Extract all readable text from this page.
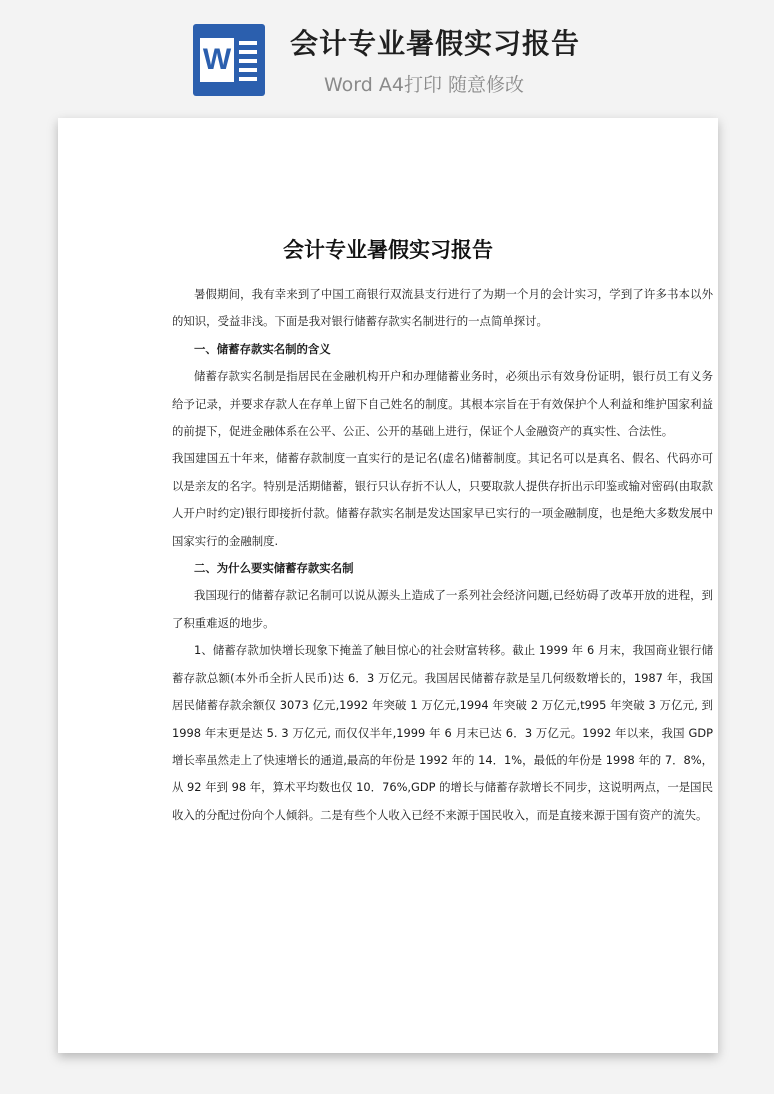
W 会计专业暑假实习报告
Word A4打印 随意修改
会计专业暑假实习报告

暑假期间，我有幸来到了中国工商银行双流县支行进行了为期一个月的会计实习，学到了许多书本以外的知识，受益非浅。下面是我对银行储蓄存款实名制进行的一点简单探讨。

一、储蓄存款实名制的含义

储蓄存款实名制是指居民在金融机构开户和办理储蓄业务时，必须出示有效身份证明，银行员工有义务给予记录，并要求存款人在存单上留下自己姓名的制度。其根本宗旨在于有效保护个人利益和维护国家利益的前提下，促进金融体系在公平、公正、公开的基础上进行，保证个人金融资产的真实性、合法性。

我国建国五十年来，储蓄存款制度一直实行的是记名(虚名)储蓄制度。其记名可以是真名、假名、代码亦可以是亲友的名字。特别是活期储蓄，银行只认存折不认人，只要取款人提供存折出示印鉴或输对密码(由取款人开户时约定)银行即接折付款。储蓄存款实名制是发达国家早已实行的一项金融制度，也是绝大多数发展中国家实行的金融制度.

二、为什么要实储蓄存款实名制

我国现行的储蓄存款记名制可以说从源头上造成了一系列社会经济问题,已经妨碍了改革开放的进程，到了积重难返的地步。

1、储蓄存款加快增长现象下掩盖了触目惊心的社会财富转移。截止 1999 年 6 月末，我国商业银行储蓄存款总额(本外币全折人民币)达 6．3 万亿元。我国居民储蓄存款是呈几何级数增长的，1987 年，我国居民储蓄存款余额仅 3073 亿元,1992 年突破 1 万亿元,1994 年突破 2 万亿元,t995 年突破 3 万亿元, 到 1998 年末更是达 5. 3 万亿元, 而仅仅半年,1999 年 6 月末已达 6．3 万亿元。1992 年以来，我国 GDP 增长率虽然走上了快速增长的通道,最高的年份是 1992 年的 14．1%，最低的年份是 1998 年的 7．8%，从 92 年到 98 年，算术平均数也仅 10．76%,GDP 的增长与储蓄存款增长不同步，这说明两点，一是国民收入的分配过份向个人倾斜。二是有些个人收入已经不来源于国民收入，而是直接来源于国有资产的流失。
